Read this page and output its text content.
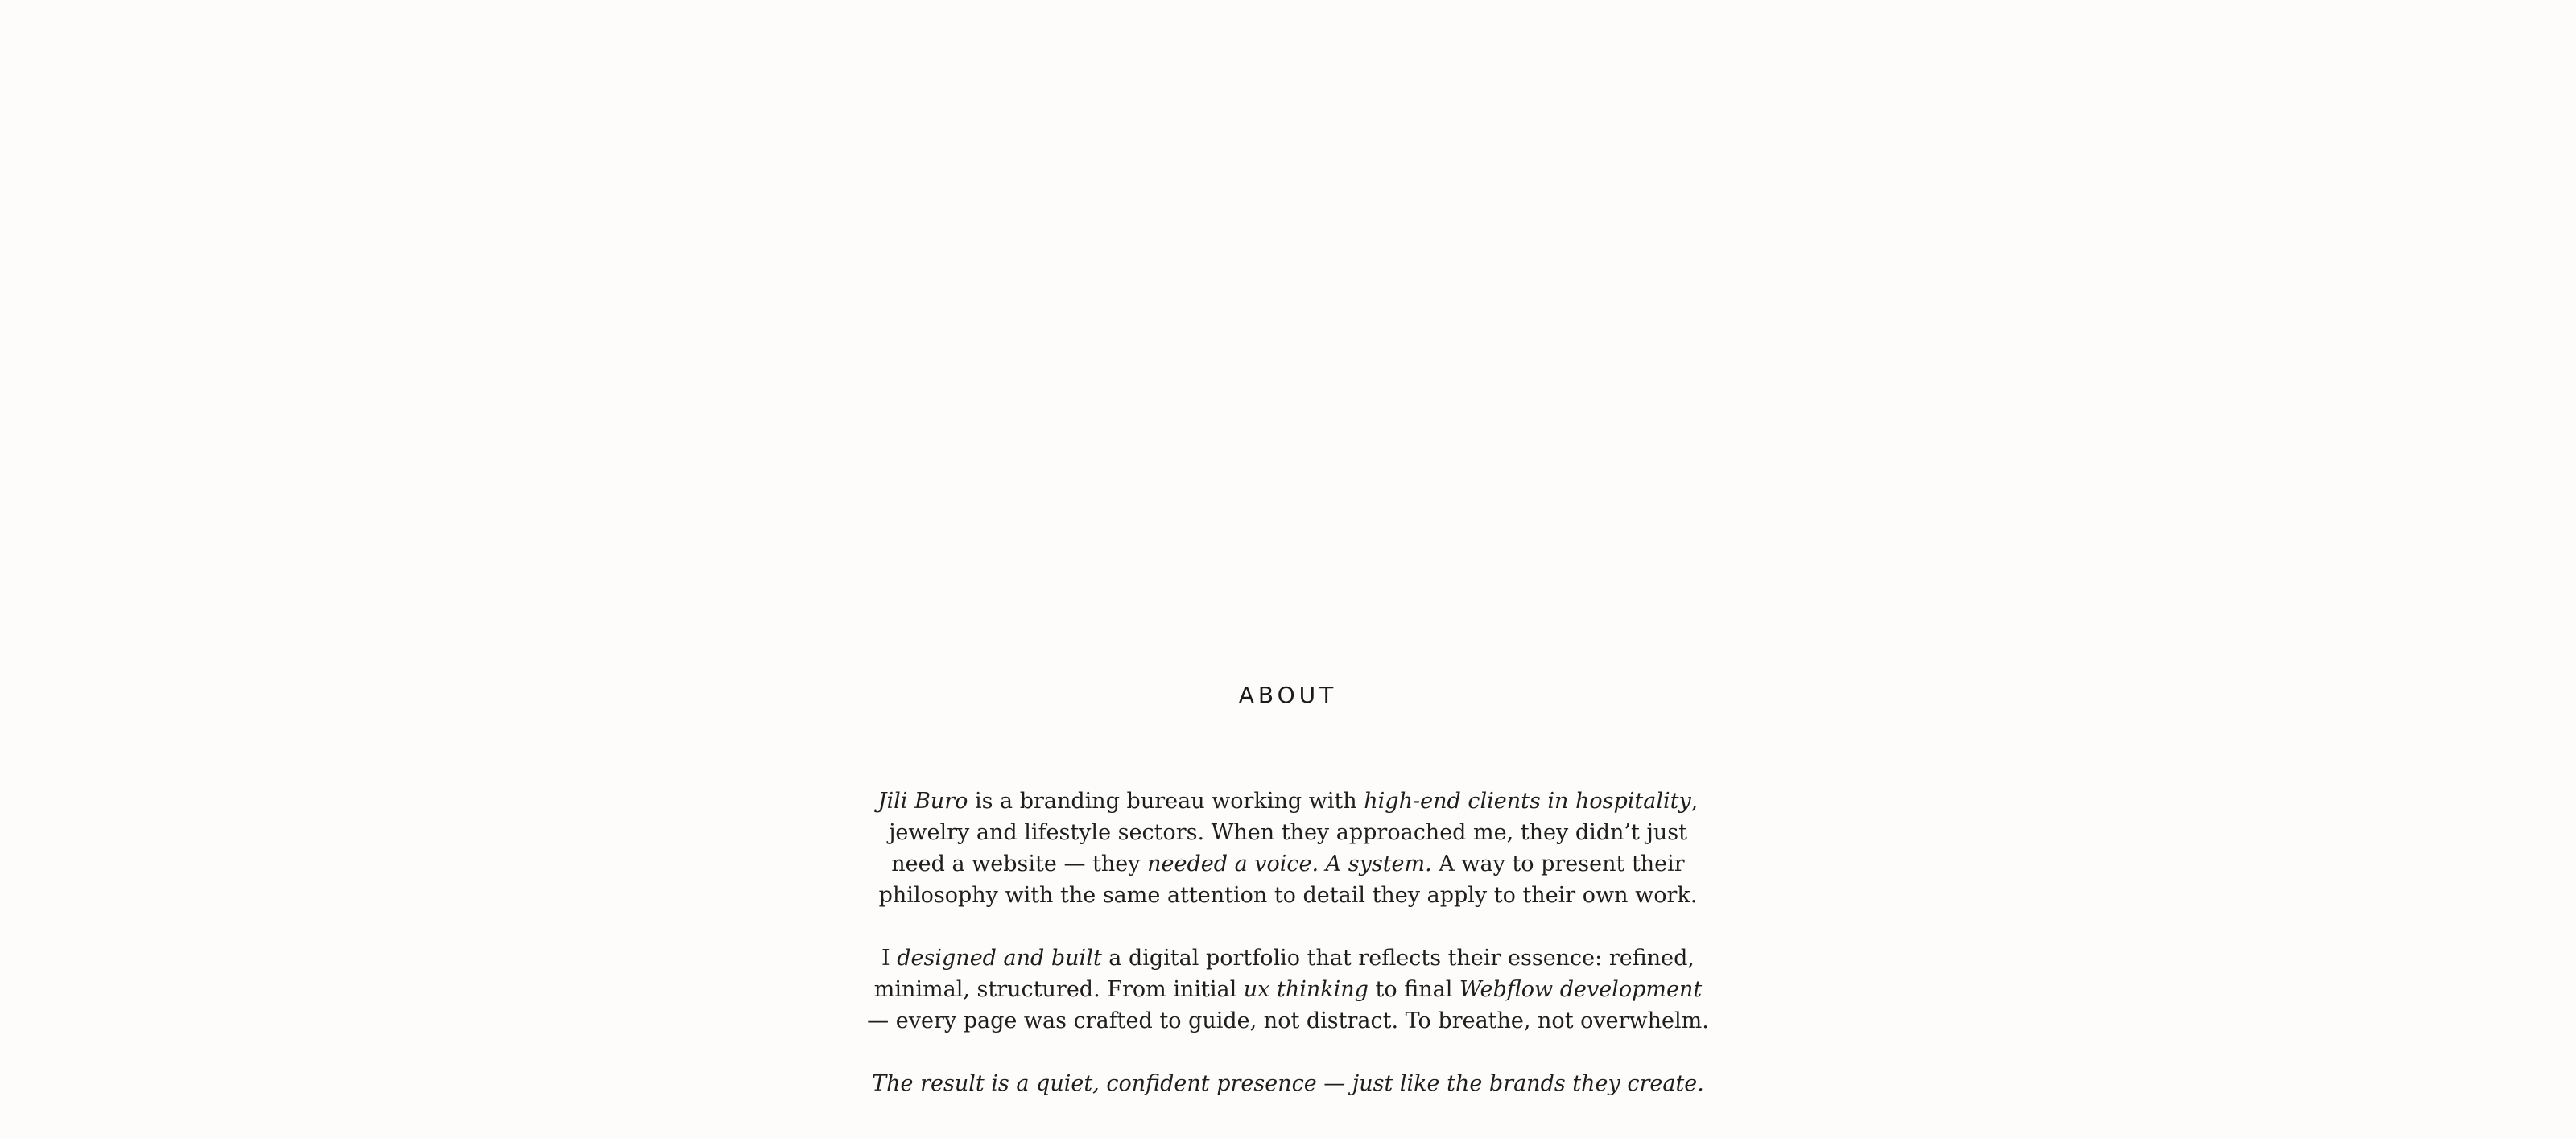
ABOUT

Jili Buro is a branding bureau working with high-end clients in hospitality, jewelry and lifestyle sectors. When they approached me, they didn’t just need a website — they needed a voice. A system. A way to present their philosophy with the same attention to detail they apply to their own work.

I designed and built a digital portfolio that reflects their essence: refined, minimal, structured. From initial ux thinking to final Webflow development — every page was crafted to guide, not distract. To breathe, not overwhelm.

The result is a quiet, confident presence — just like the brands they create.
